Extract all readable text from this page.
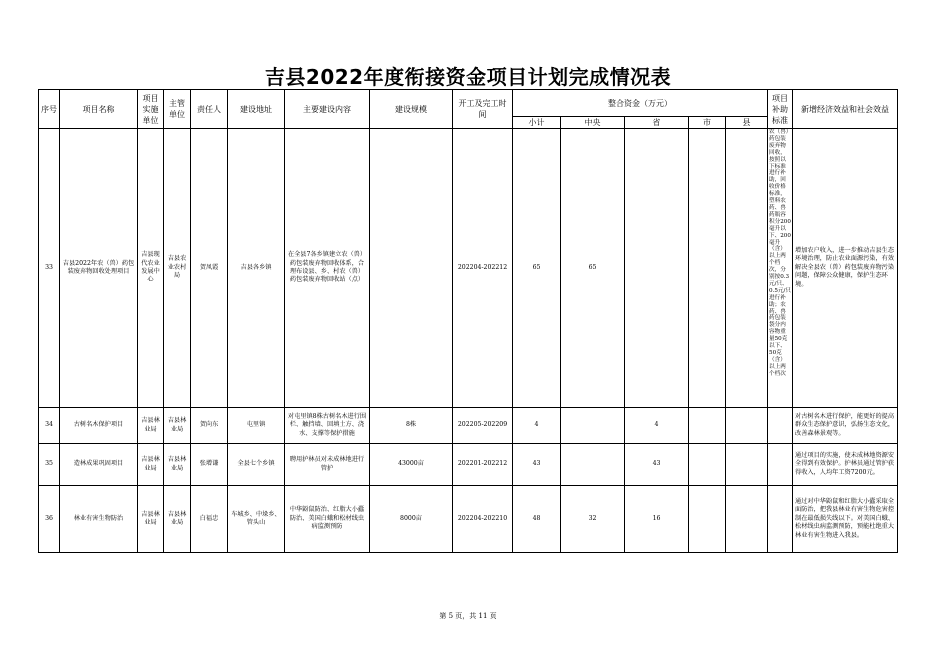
吉县2022年度衔接资金项目计划完成情况表
序号	项目名称	项目实施单位	主管单位	责任人	建设地址	主要建设内容	建设规模	开工及完工时间	整合资金（万元）					项目补助标准	新增经济效益和社会效益
									小计	中央	省	市	县		
33	吉县2022年农（兽）药包装废弃物回收处理项目	吉县现代农业发展中心	吉县农业农村局	贺凤霞	吉县各乡镇	在全县7各乡镇建立农（兽）药包装废弃物回收体系，合理布设县、乡、村农（兽）药包装废弃物回收站（点）		202204-202212	65	65				农（兽）药包装废弃物回收，按照以下标准进行补助，回收价格标准，塑料农药、兽药瓶容积分200毫升以下、200毫升（含）以上两个档次，分别按0.3元/只、0.5元/只进行补助；农药、兽药包装袋分内容物重量50克以下、50克（含）以上两个档次	增加农户收入，进一步推动吉县生态环境治理，防止农业面源污染，有效解决全县农（兽）药包装废弃物污染问题，保障公众健康，保护生态环境。
34	古树名木保护项目	吉县林业局	吉县林业局	贺向东	屯里镇	对屯里镇8株古树名木进行围栏、触挡墙、回填土方、浇水、支撑等保护措施	8株	202205-202209	4		4				对古树名木进行保护，能更好的提高群众生态保护意识，弘扬生态文化，改善森林景观等。
35	造林成果巩固项目	吉县林业局	吉县林业局	张增谦	全县七个乡镇	聘用护林员对未成林地进行管护	43000亩	202201-202212	43		43				通过项目的实施，使未成林地资源安全得到有效保护。护林员通过管护获得收入，人均年工资7200元。
36	林业有害生物防治	吉县林业局	吉县林业局	白福忠	车城乡、中垛乡、管头山	中华鼢鼠防治、红脂大小蠹防治、美国白蛾和松材线虫病监测预防	8000亩	202204-202210	48	32	16				通过对中华鼢鼠和红脂大小蠹采取全面防治，把我县林业有害生物危害控制在最低损失线以下。对美国白蛾、松材线虫病监测预防，预能杜绝重大林业有害生物进入我县。
第 5 页，共 11 页
